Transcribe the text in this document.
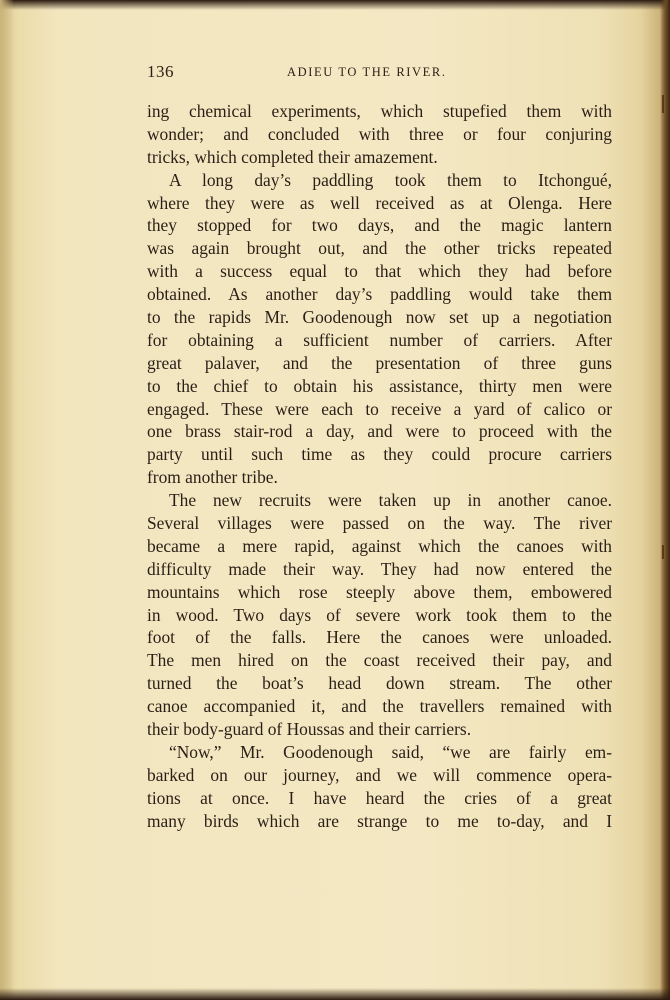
136	ADIEU TO THE RIVER.
ing chemical experiments, which stupefied them with
wonder; and concluded with three or four conjuring
tricks, which completed their amazement.
A long day’s paddling took them to Itchongué,
where they were as well received as at Olenga. Here
they stopped for two days, and the magic lantern
was again brought out, and the other tricks repeated
with a success equal to that which they had before
obtained. As another day’s paddling would take them
to the rapids Mr. Goodenough now set up a negotiation
for obtaining a sufficient number of carriers. After
great palaver, and the presentation of three guns
to the chief to obtain his assistance, thirty men were
engaged. These were each to receive a yard of calico or
one brass stair-rod a day, and were to proceed with the
party until such time as they could procure carriers
from another tribe.
The new recruits were taken up in another canoe.
Several villages were passed on the way. The river
became a mere rapid, against which the canoes with
difficulty made their way. They had now entered the
mountains which rose steeply above them, embowered
in wood. Two days of severe work took them to the
foot of the falls. Here the canoes were unloaded.
The men hired on the coast received their pay, and
turned the boat’s head down stream. The other
canoe accompanied it, and the travellers remained with
their body-guard of Houssas and their carriers.
“Now,” Mr. Goodenough said, “we are fairly em-
barked on our journey, and we will commence opera-
tions at once. I have heard the cries of a great
many birds which are strange to me to-day, and I
